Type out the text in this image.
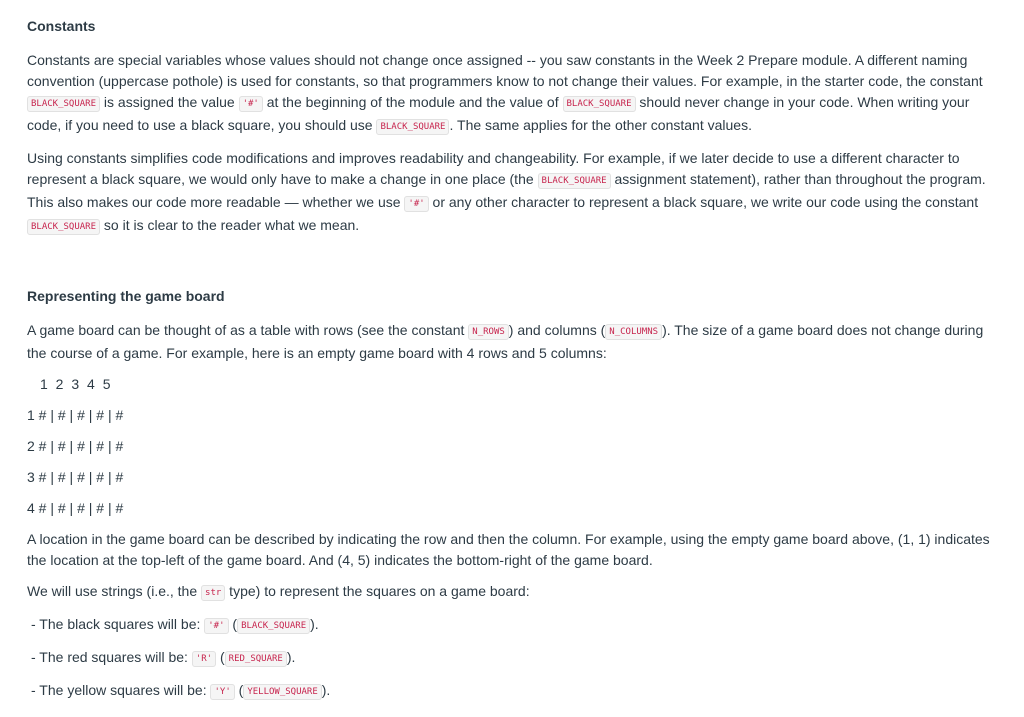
Constants

Constants are special variables whose values should not change once assigned -- you saw constants in the Week 2 Prepare module. A different naming convention (uppercase pothole) is used for constants, so that programmers know to not change their values. For example, in the starter code, the constant BLACK_SQUARE is assigned the value '#' at the beginning of the module and the value of BLACK_SQUARE should never change in your code. When writing your code, if you need to use a black square, you should use BLACK_SQUARE . The same applies for the other constant values.

Using constants simplifies code modifications and improves readability and changeability. For example, if we later decide to use a different character to represent a black square, we would only have to make a change in one place (the BLACK_SQUARE assignment statement), rather than throughout the program. This also makes our code more readable — whether we use '#' or any other character to represent a black square, we write our code using the constant BLACK_SQUARE so it is clear to the reader what we mean.

Representing the game board

A game board can be thought of as a table with rows (see the constant N_ROWS ) and columns ( N_COLUMNS ). The size of a game board does not change during the course of a game. For example, here is an empty game board with 4 rows and 5 columns:

1 2 3 4 5
1 # | # | # | # | #
2 # | # | # | # | #
3 # | # | # | # | #
4 # | # | # | # | #

A location in the game board can be described by indicating the row and then the column. For example, using the empty game board above, (1, 1) indicates the location at the top-left of the game board. And (4, 5) indicates the bottom-right of the game board.

We will use strings (i.e., the str type) to represent the squares on a game board:

- The black squares will be: '#' ( BLACK_SQUARE ).

- The red squares will be: 'R' ( RED_SQUARE ).

- The yellow squares will be: 'Y' ( YELLOW_SQUARE ).
